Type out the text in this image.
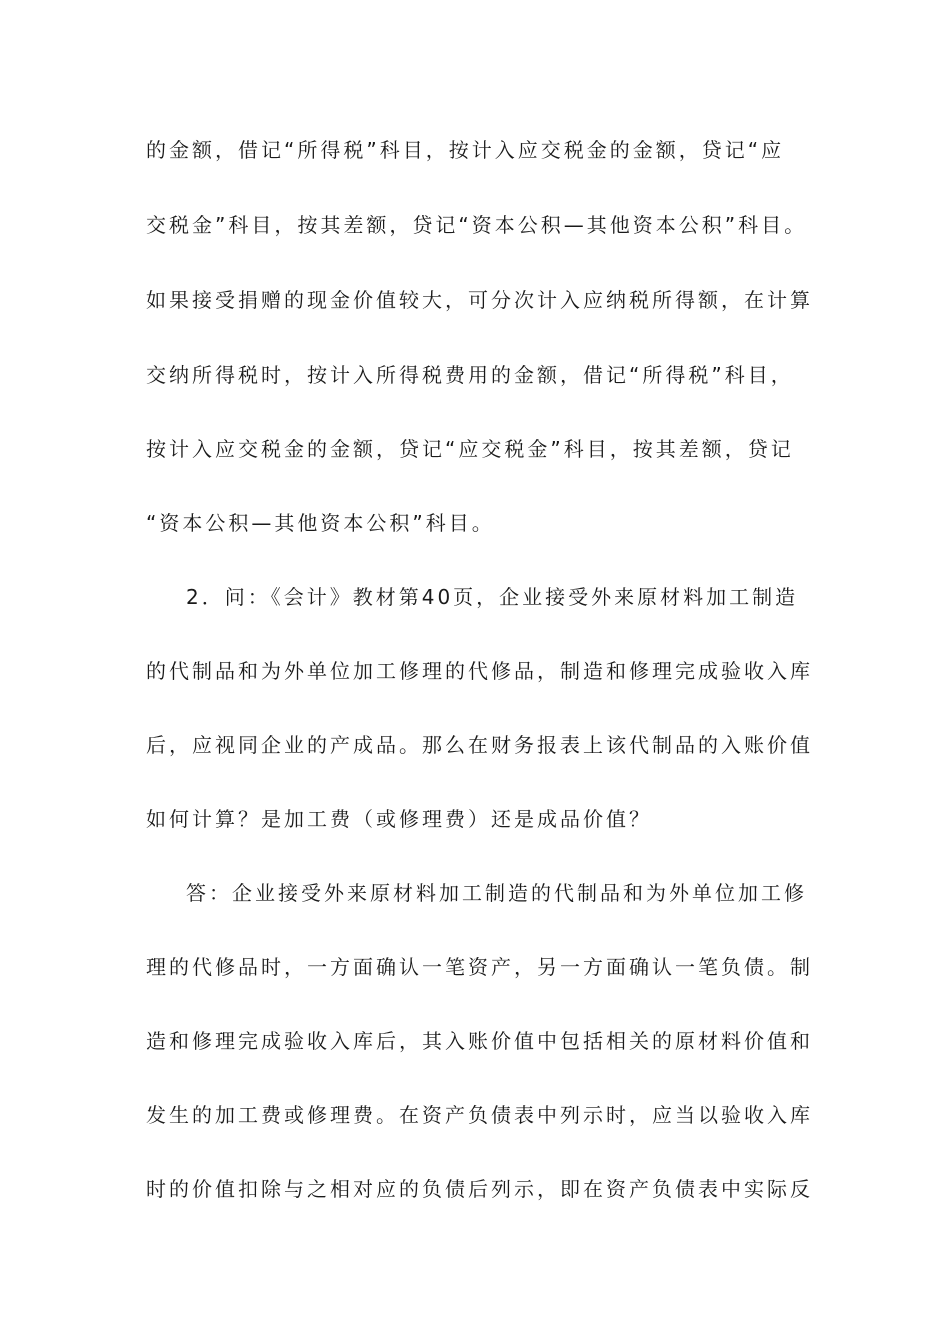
的金额，借记“所得税”科目，按计入应交税金的金额，贷记“应
交税金”科目，按其差额，贷记“资本公积—其他资本公积”科目。
如果接受捐赠的现金价值较大，可分次计入应纳税所得额，在计算
交纳所得税时，按计入所得税费用的金额，借记“所得税”科目，
按计入应交税金的金额，贷记“应交税金”科目，按其差额，贷记
“资本公积—其他资本公积”科目。
2．问：《会计》教材第40页，企业接受外来原材料加工制造
的代制品和为外单位加工修理的代修品，制造和修理完成验收入库
后，应视同企业的产成品。那么在财务报表上该代制品的入账价值
如何计算？是加工费（或修理费）还是成品价值？
答：企业接受外来原材料加工制造的代制品和为外单位加工修
理的代修品时，一方面确认一笔资产，另一方面确认一笔负债。制
造和修理完成验收入库后，其入账价值中包括相关的原材料价值和
发生的加工费或修理费。在资产负债表中列示时，应当以验收入库
时的价值扣除与之相对应的负债后列示，即在资产负债表中实际反
